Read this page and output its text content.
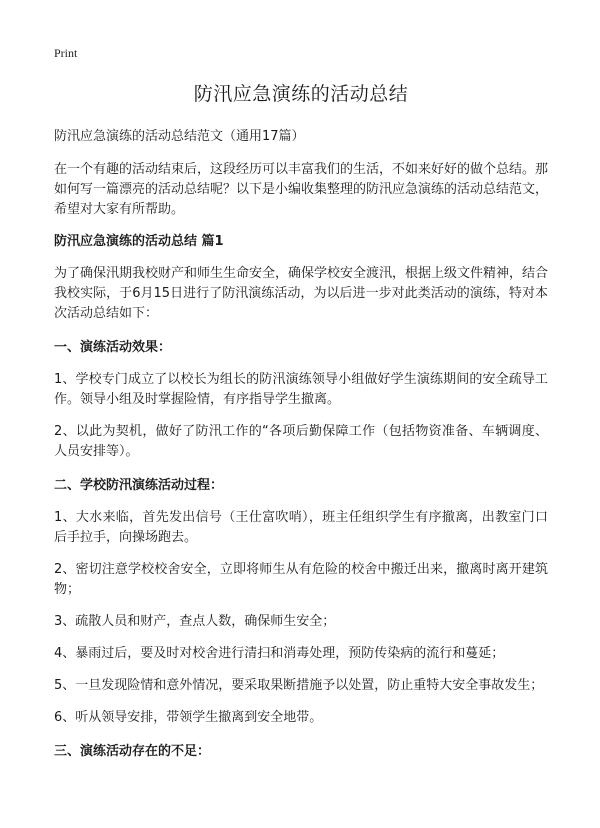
Print
防汛应急演练的活动总结
防汛应急演练的活动总结范文（通用17篇）

在一个有趣的活动结束后，这段经历可以丰富我们的生活，不如来好好的做个总结。那如何写一篇漂亮的活动总结呢？以下是小编收集整理的防汛应急演练的活动总结范文，希望对大家有所帮助。

防汛应急演练的活动总结 篇1

为了确保汛期我校财产和师生生命安全，确保学校安全渡汛，根据上级文件精神，结合我校实际，于6月15日进行了防汛演练活动，为以后进一步对此类活动的演练，特对本次活动总结如下：

一、演练活动效果：

1、学校专门成立了以校长为组长的防汛演练领导小组做好学生演练期间的安全疏导工作。领导小组及时掌握险情，有序指导学生撤离。

2、以此为契机，做好了防汛工作的“各项后勤保障工作（包括物资准备、车辆调度、人员安排等）。

二、学校防汛演练活动过程：

1、大水来临，首先发出信号（王仕富吹哨），班主任组织学生有序撤离，出教室门口后手拉手，向操场跑去。

2、密切注意学校校舍安全，立即将师生从有危险的校舍中搬迁出来，撤离时离开建筑物；

3、疏散人员和财产，查点人数，确保师生安全；

4、暴雨过后，要及时对校舍进行清扫和消毒处理，预防传染病的流行和蔓延；

5、一旦发现险情和意外情况，要采取果断措施予以处置，防止重特大安全事故发生；

6、听从领导安排，带领学生撤离到安全地带。

三、演练活动存在的不足：
